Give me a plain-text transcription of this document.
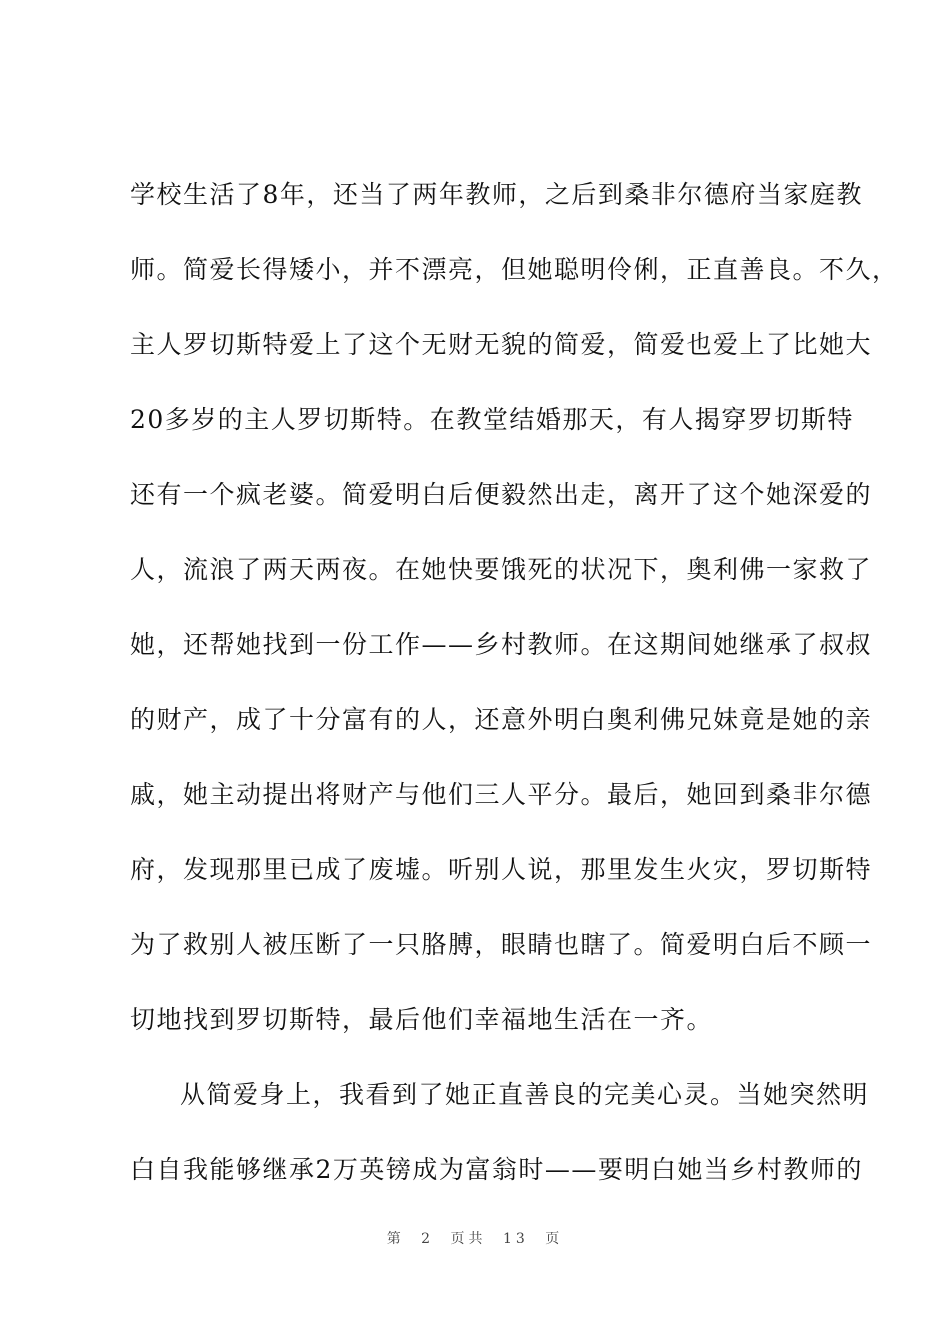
学校生活了8年，还当了两年教师，之后到桑非尔德府当家庭教
师。简爱长得矮小，并不漂亮，但她聪明伶俐，正直善良。不久，
主人罗切斯特爱上了这个无财无貌的简爱，简爱也爱上了比她大
20多岁的主人罗切斯特。在教堂结婚那天，有人揭穿罗切斯特
还有一个疯老婆。简爱明白后便毅然出走，离开了这个她深爱的
人，流浪了两天两夜。在她快要饿死的状况下，奥利佛一家救了
她，还帮她找到一份工作——乡村教师。在这期间她继承了叔叔
的财产，成了十分富有的人，还意外明白奥利佛兄妹竟是她的亲
戚，她主动提出将财产与他们三人平分。最后，她回到桑非尔德
府，发现那里已成了废墟。听别人说，那里发生火灾，罗切斯特
为了救别人被压断了一只胳膊，眼睛也瞎了。简爱明白后不顾一
切地找到罗切斯特，最后他们幸福地生活在一齐。
从简爱身上，我看到了她正直善良的完美心灵。当她突然明
白自我能够继承2万英镑成为富翁时——要明白她当乡村教师的
第 2 页共 13 页
